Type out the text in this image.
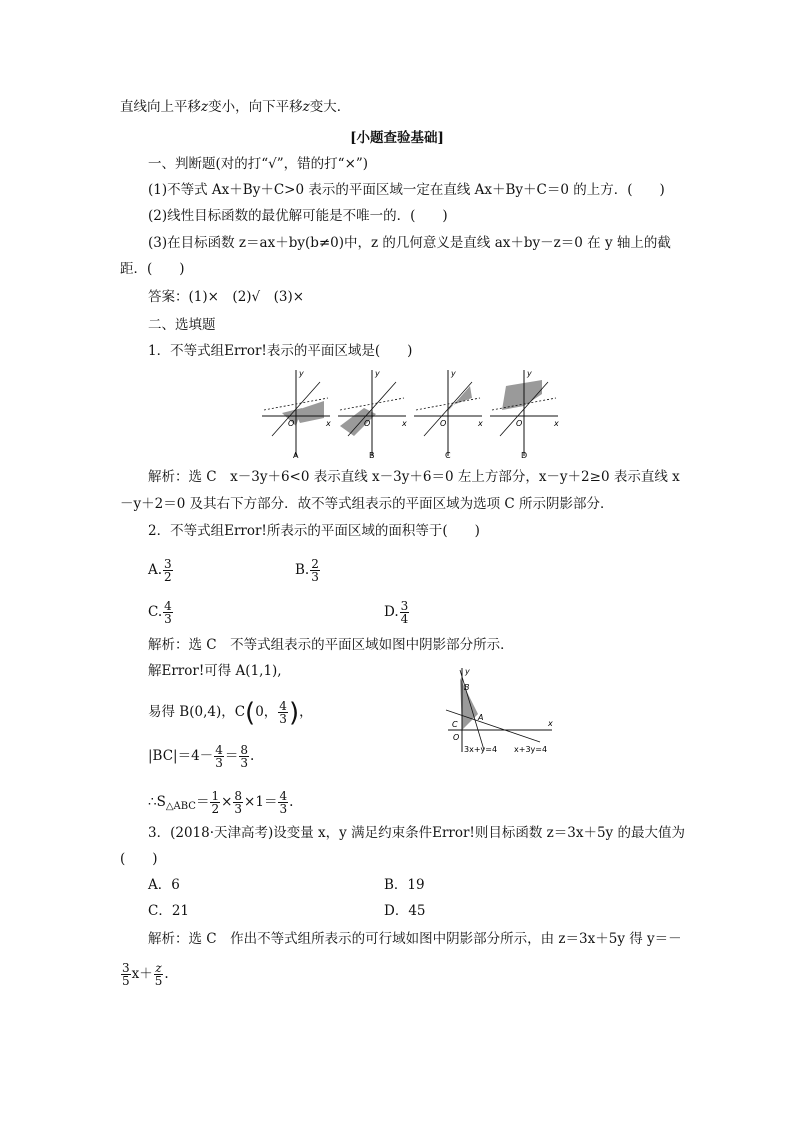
直线向上平移z变小，向下平移z变大．
[小题查验基础]
一、判断题(对的打“√”，错的打“×”)
(1)不等式 Ax＋By＋C>0 表示的平面区域一定在直线 Ax＋By＋C＝0 的上方．(　　)
(2)线性目标函数的最优解可能是不唯一的．(　　)
(3)在目标函数 z＝ax＋by(b≠0)中，z 的几何意义是直线 ax＋by－z＝0 在 y 轴上的截
距．(　　)
答案：(1)×　(2)√　(3)×
二、选填题
1．不等式组Error!表示的平面区域是(　　)
y
x
O
A
y
x
O
B
y
x
O
C
y
x
O
D
解析：选 C　x－3y＋6<0 表示直线 x－3y＋6＝0 左上方部分，x－y＋2≥0 表示直线 x
－y＋2＝0 及其右下方部分．故不等式组表示的平面区域为选项 C 所示阴影部分．
2．不等式组Error!所表示的平面区域的面积等于(　　)
A. $\frac{3}{2}$	B. $\frac{2}{3}$
C. $\frac{4}{3}$	D. $\frac{3}{4}$
解析：选 C　不等式组表示的平面区域如图中阴影部分所示．
解Error!可得 A(1,1),
易得 B(0,4)，C(0， $\frac{4}{3}$ )，
$|BC|=4- \frac{4}{3} = \frac{8}{3}$ .
$\therefore S_{\triangle ABC}= \frac{1}{2} \times \frac{8}{3} \times 1= \frac{4}{3}$ .
y
x
B
A
C
O
3x+y=4 x+3y=4
3．(2018·天津高考)设变量 x，y 满足约束条件Error!则目标函数 z＝3x＋5y 的最大值为
(　　)
A．6	B．19
C．21	D．45
解析：选 C　作出不等式组所表示的可行域如图中阴影部分所示，由 z＝3x＋5y 得 y＝－
$\frac{3}{5} x+ \frac{z}{5}$ .
